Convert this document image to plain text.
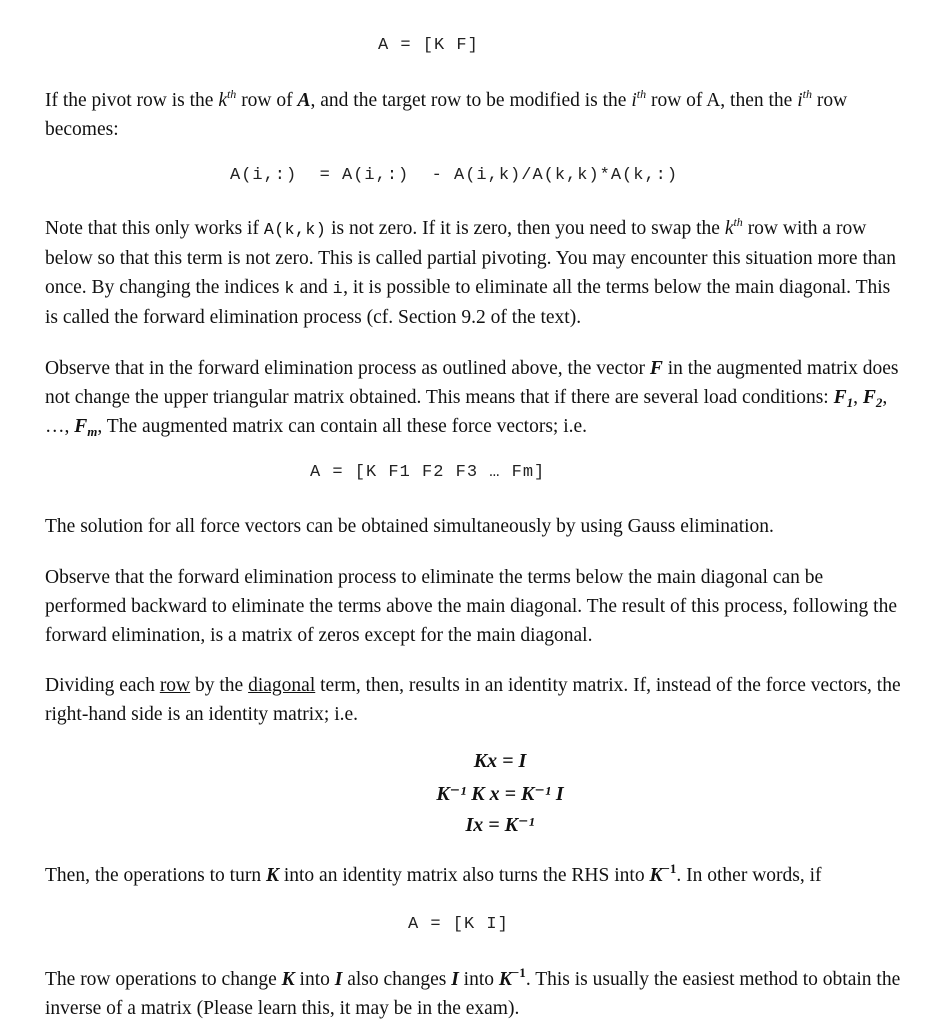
A = [K F]

If the pivot row is the $k^{th}$ row of A, and the target row to be modified is the $i^{th}$ row of A, then the $i^{th}$ row becomes:

A(i,:)  = A(i,:)  - A(i,k)/A(k,k)*A(k,:)

Note that this only works if A(k,k) is not zero. If it is zero, then you need to swap the $k^{th}$ row with a row below so that this term is not zero. This is called partial pivoting. You may encounter this situation more than once. By changing the indices k and i, it is possible to eliminate all the terms below the main diagonal. This is called the forward elimination process (cf. Section 9.2 of the text).

Observe that in the forward elimination process as outlined above, the vector F in the augmented matrix does not change the upper triangular matrix obtained. This means that if there are several load conditions: $F_1$, $F_2$, …, $F_m$, The augmented matrix can contain all these force vectors; i.e.

A = [K F1 F2 F3 … Fm]
The solution for all force vectors can be obtained simultaneously by using Gauss elimination.
Observe that the forward elimination process to eliminate the terms below the main diagonal can be performed backward to eliminate the terms above the main diagonal. The result of this process, following the forward elimination, is a matrix of zeros except for the main diagonal.

Dividing each row by the diagonal term, then, results in an identity matrix. If, instead of the force vectors, the right-hand side is an identity matrix; i.e.

Kx = I
K⁻¹ K x = K⁻¹ I
Ix = K⁻¹

Then, the operations to turn K into an identity matrix also turns the RHS into $K^{-1}$. In other words, if

A = [K I]

The row operations to change K into I also changes I into $K^{-1}$. This is usually the easiest method to obtain the inverse of a matrix (Please learn this, it may be in the exam).
